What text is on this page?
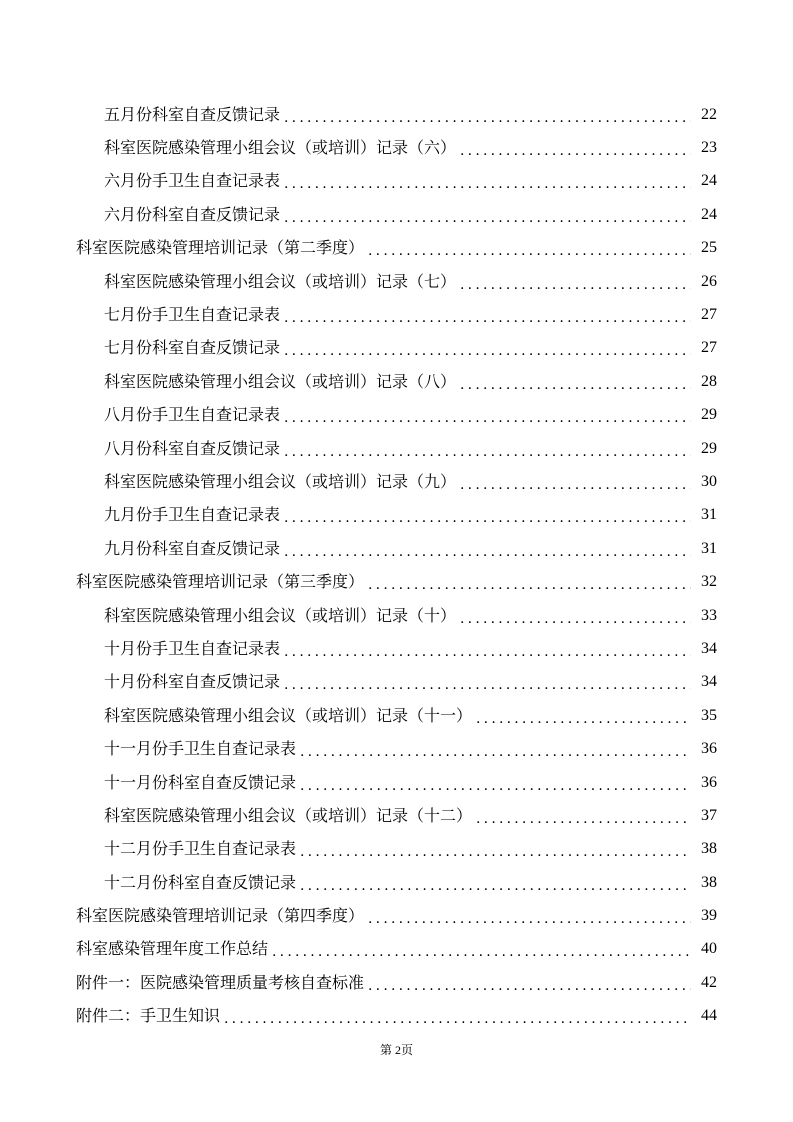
五月份科室自查反馈记录 .....	22
科室医院感染管理小组会议（或培训）记录（六） .....	23
六月份手卫生自查记录表 .....	24
六月份科室自查反馈记录 .....	24
科室医院感染管理培训记录（第二季度） .....	25
科室医院感染管理小组会议（或培训）记录（七） .....	26
七月份手卫生自查记录表 .....	27
七月份科室自查反馈记录 .....	27
科室医院感染管理小组会议（或培训）记录（八） .....	28
八月份手卫生自查记录表 .....	29
八月份科室自查反馈记录 .....	29
科室医院感染管理小组会议（或培训）记录（九） .....	30
九月份手卫生自查记录表 .....	31
九月份科室自查反馈记录 .....	31
科室医院感染管理培训记录（第三季度） .....	32
科室医院感染管理小组会议（或培训）记录（十） .....	33
十月份手卫生自查记录表 .....	34
十月份科室自查反馈记录 .....	34
科室医院感染管理小组会议（或培训）记录（十一） .....	35
十一月份手卫生自查记录表 .....	36
十一月份科室自查反馈记录 .....	36
科室医院感染管理小组会议（或培训）记录（十二） .....	37
十二月份手卫生自查记录表 .....	38
十二月份科室自查反馈记录 .....	38
科室医院感染管理培训记录（第四季度） .....	39
科室感染管理年度工作总结 .....	40
附件一：医院感染管理质量考核自查标准 .....	42
附件二：手卫生知识 .....	44
第 2页
